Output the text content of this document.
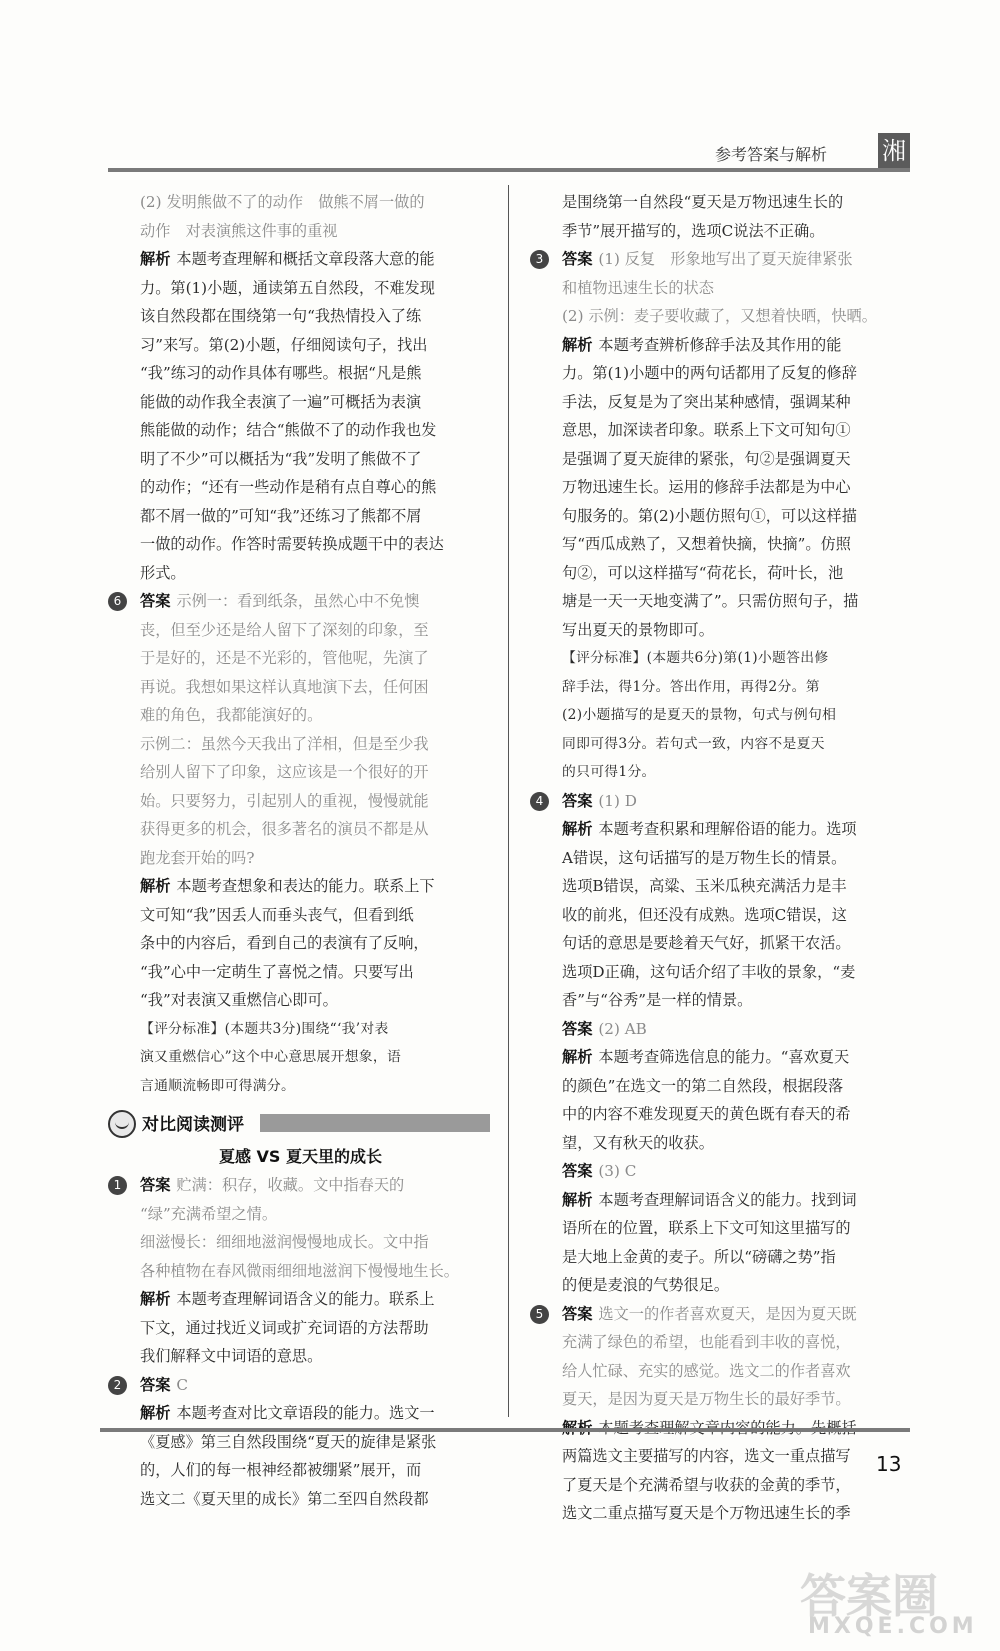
参考答案与解析 湘
(2) 发明熊做不了的动作　做熊不屑一做的
动作　对表演熊这件事的重视
解析 本题考查理解和概括文章段落大意的能
力。第(1)小题，通读第五自然段，不难发现
该自然段都在围绕第一句“我热情投入了练
习”来写。第(2)小题，仔细阅读句子，找出
“我”练习的动作具体有哪些。根据“凡是熊
能做的动作我全表演了一遍”可概括为表演
熊能做的动作；结合“熊做不了的动作我也发
明了不少”可以概括为“我”发明了熊做不了
的动作；“还有一些动作是稍有点自尊心的熊
都不屑一做的”可知“我”还练习了熊都不屑
一做的动作。作答时需要转换成题干中的表达
形式。
6	答案 示例一：看到纸条，虽然心中不免懊
丧，但至少还是给人留下了深刻的印象，至
于是好的，还是不光彩的，管他呢，先演了
再说。我想如果这样认真地演下去，任何困
难的角色，我都能演好的。
示例二：虽然今天我出了洋相，但是至少我
给别人留下了印象，这应该是一个很好的开
始。只要努力，引起别人的重视，慢慢就能
获得更多的机会，很多著名的演员不都是从
跑龙套开始的吗?
解析 本题考查想象和表达的能力。联系上下
文可知“我”因丢人而垂头丧气，但看到纸
条中的内容后，看到自己的表演有了反响，
“我”心中一定萌生了喜悦之情。只要写出
“我”对表演又重燃信心即可。
【评分标准】(本题共3分)围绕“‘我’对表
演又重燃信心”这个中心意思展开想象，语
言通顺流畅即可得满分。
对比阅读测评
夏感 VS 夏天里的成长
1	答案 贮满：积存，收藏。文中指春天的
“绿”充满希望之情。
细滋慢长：细细地滋润慢慢地成长。文中指
各种植物在春风微雨细细地滋润下慢慢地生长。
解析 本题考查理解词语含义的能力。联系上
下文，通过找近义词或扩充词语的方法帮助
我们解释文中词语的意思。
2	答案 C
解析 本题考查对比文章语段的能力。选文一
《夏感》第三自然段围绕“夏天的旋律是紧张
的，人们的每一根神经都被绷紧”展开，而
选文二《夏天里的成长》第二至四自然段都
是围绕第一自然段“夏天是万物迅速生长的
季节”展开描写的，选项C说法不正确。
3	答案 (1) 反复　形象地写出了夏天旋律紧张
和植物迅速生长的状态
(2) 示例：麦子要收藏了，又想着快晒，快晒。
解析 本题考查辨析修辞手法及其作用的能
力。第(1)小题中的两句话都用了反复的修辞
手法，反复是为了突出某种感情，强调某种
意思，加深读者印象。联系上下文可知句①
是强调了夏天旋律的紧张，句②是强调夏天
万物迅速生长。运用的修辞手法都是为中心
句服务的。第(2)小题仿照句①，可以这样描
写“西瓜成熟了，又想着快摘，快摘”。仿照
句②，可以这样描写“荷花长，荷叶长，池
塘是一天一天地变满了”。只需仿照句子，描
写出夏天的景物即可。
【评分标准】(本题共6分)第(1)小题答出修
辞手法，得1分。答出作用，再得2分。第
(2)小题描写的是夏天的景物，句式与例句相
同即可得3分。若句式一致，内容不是夏天
的只可得1分。
4	答案 (1) D
解析 本题考查积累和理解俗语的能力。选项
A错误，这句话描写的是万物生长的情景。
选项B错误，高粱、玉米瓜秧充满活力是丰
收的前兆，但还没有成熟。选项C错误，这
句话的意思是要趁着天气好，抓紧干农活。
选项D正确，这句话介绍了丰收的景象，“麦
香”与“谷秀”是一样的情景。
答案 (2) AB
解析 本题考查筛选信息的能力。“喜欢夏天
的颜色”在选文一的第二自然段，根据段落
中的内容不难发现夏天的黄色既有春天的希
望，又有秋天的收获。
答案 (3) C
解析 本题考查理解词语含义的能力。找到词
语所在的位置，联系上下文可知这里描写的
是大地上金黄的麦子。所以“磅礴之势”指
的便是麦浪的气势很足。
5	答案 选文一的作者喜欢夏天，是因为夏天既
充满了绿色的希望，也能看到丰收的喜悦，
给人忙碌、充实的感觉。选文二的作者喜欢
夏天，是因为夏天是万物生长的最好季节。

两篇选文主要描写的内容，选文一重点描写
了夏天是个充满希望与收获的金黄的季节，
选文二重点描写夏天是个万物迅速生长的季
13
答案圈
MXQE.COM
